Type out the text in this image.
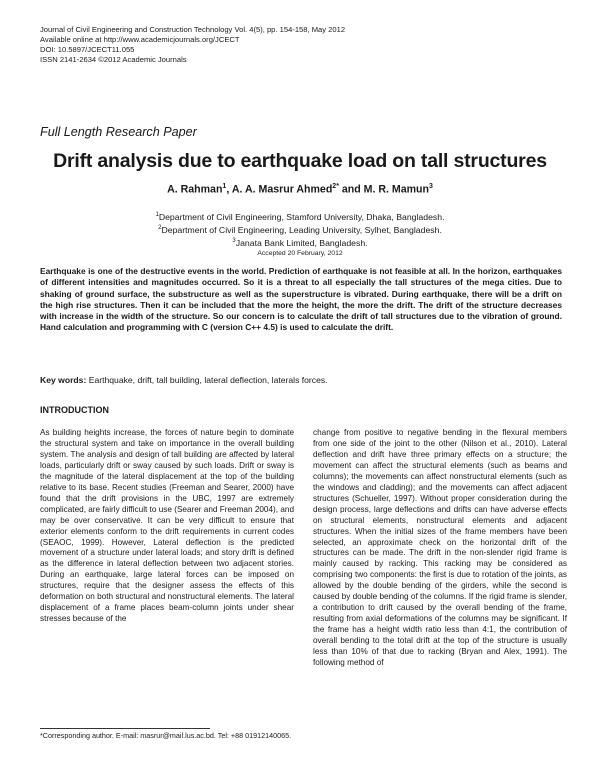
Journal of Civil Engineering and Construction Technology Vol. 4(5), pp. 154-158, May 2012
Available online at http://www.academicjournals.org/JCECT
DOI: 10.5897/JCECT11.055
ISSN 2141-2634 ©2012 Academic Journals
Full Length Research Paper
Drift analysis due to earthquake load on tall structures
A. Rahman$^1$, A. A. Masrur Ahmed$^{2*}$ and M. R. Mamun$^3$
$^1$Department of Civil Engineering, Stamford University, Dhaka, Bangladesh.
$^2$Department of Civil Engineering, Leading University, Sylhet, Bangladesh.
$^3$Janata Bank Limited, Bangladesh.
Accepted 20 February, 2012
Earthquake is one of the destructive events in the world. Prediction of earthquake is not feasible at all. In the horizon, earthquakes of different intensities and magnitudes occurred. So it is a threat to all especially the tall structures of the mega cities. Due to shaking of ground surface, the substructure as well as the superstructure is vibrated. During earthquake, there will be a drift on the high rise structures. Then it can be included that the more the height, the more the drift. The drift of the structure decreases with increase in the width of the structure. So our concern is to calculate the drift of tall structures due to the vibration of ground. Hand calculation and programming with C (version C++ 4.5) is used to calculate the drift.
Key words: Earthquake, drift, tall building, lateral deflection, laterals forces.
INTRODUCTION
As building heights increase, the forces of nature begin to dominate the structural system and take on importance in the overall building system. The analysis and design of tall building are affected by lateral loads, particularly drift or sway caused by such loads. Drift or sway is the magnitude of the lateral displacement at the top of the building relative to its base. Recent studies (Freeman and Searer, 2000) have found that the drift provisions in the UBC, 1997 are extremely complicated, are fairly difficult to use (Searer and Freeman 2004), and may be over conservative. It can be very difficult to ensure that exterior elements conform to the drift requirements in current codes (SEAOC, 1999). However, Lateral deflection is the predicted movement of a structure under lateral loads; and story drift is defined as the difference in lateral deflection between two adjacent stories. During an earthquake, large lateral forces can be imposed on structures, require that the designer assess the effects of this deformation on both structural and nonstructural elements. The lateral displacement of a frame places beam-column joints under shear stresses because of the
change from positive to negative bending in the flexural members from one side of the joint to the other (Nilson et al., 2010). Lateral deflection and drift have three primary effects on a structure; the movement can affect the structural elements (such as beams and columns); the movements can affect nonstructural elements (such as the windows and cladding); and the movements can affect adjacent structures (Schueller, 1997). Without proper consideration during the design process, large deflections and drifts can have adverse effects on structural elements, nonstructural elements and adjacent structures. When the initial sizes of the frame members have been selected, an approximate check on the horizontal drift of the structures can be made. The drift in the non-slender rigid frame is mainly caused by racking. This racking may be considered as comprising two components: the first is due to rotation of the joints, as allowed by the double bending of the girders, while the second is caused by double bending of the columns. If the rigid frame is slender, a contribution to drift caused by the overall bending of the frame, resulting from axial deformations of the columns may be significant. If the frame has a height width ratio less than 4:1, the contribution of overall bending to the total drift at the top of the structure is usually less than 10% of that due to racking (Bryan and Alex, 1991). The following method of
*Corresponding author. E-mail: masrur@mail.lus.ac.bd. Tel: +88 01912140065.
